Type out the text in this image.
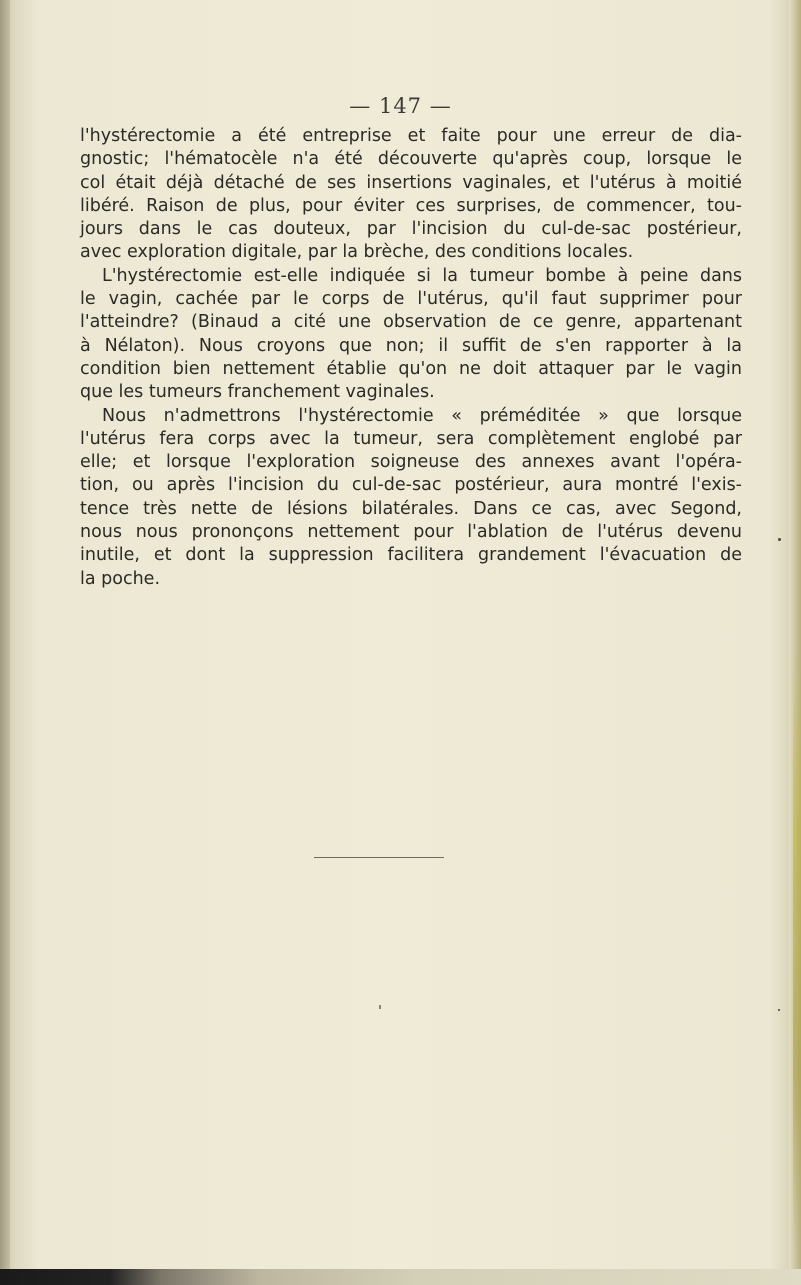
— 147 —
l'hystérectomie a été entreprise et faite pour une erreur de dia-
gnostic; l'hématocèle n'a été découverte qu'après coup, lorsque le
col était déjà détaché de ses insertions vaginales, et l'utérus à moitié
libéré. Raison de plus, pour éviter ces surprises, de commencer, tou-
jours dans le cas douteux, par l'incision du cul-de-sac postérieur,
avec exploration digitale, par la brèche, des conditions locales.
L'hystérectomie est-elle indiquée si la tumeur bombe à peine dans
le vagin, cachée par le corps de l'utérus, qu'il faut supprimer pour
l'atteindre? (Binaud a cité une observation de ce genre, appartenant
à Nélaton). Nous croyons que non; il suffit de s'en rapporter à la
condition bien nettement établie qu'on ne doit attaquer par le vagin
que les tumeurs franchement vaginales.
Nous n'admettrons l'hystérectomie « préméditée » que lorsque
l'utérus fera corps avec la tumeur, sera complètement englobé par
elle; et lorsque l'exploration soigneuse des annexes avant l'opéra-
tion, ou après l'incision du cul-de-sac postérieur, aura montré l'exis-
tence très nette de lésions bilatérales. Dans ce cas, avec Segond,
nous nous prononçons nettement pour l'ablation de l'utérus devenu
inutile, et dont la suppression facilitera grandement l'évacuation de
la poche.
